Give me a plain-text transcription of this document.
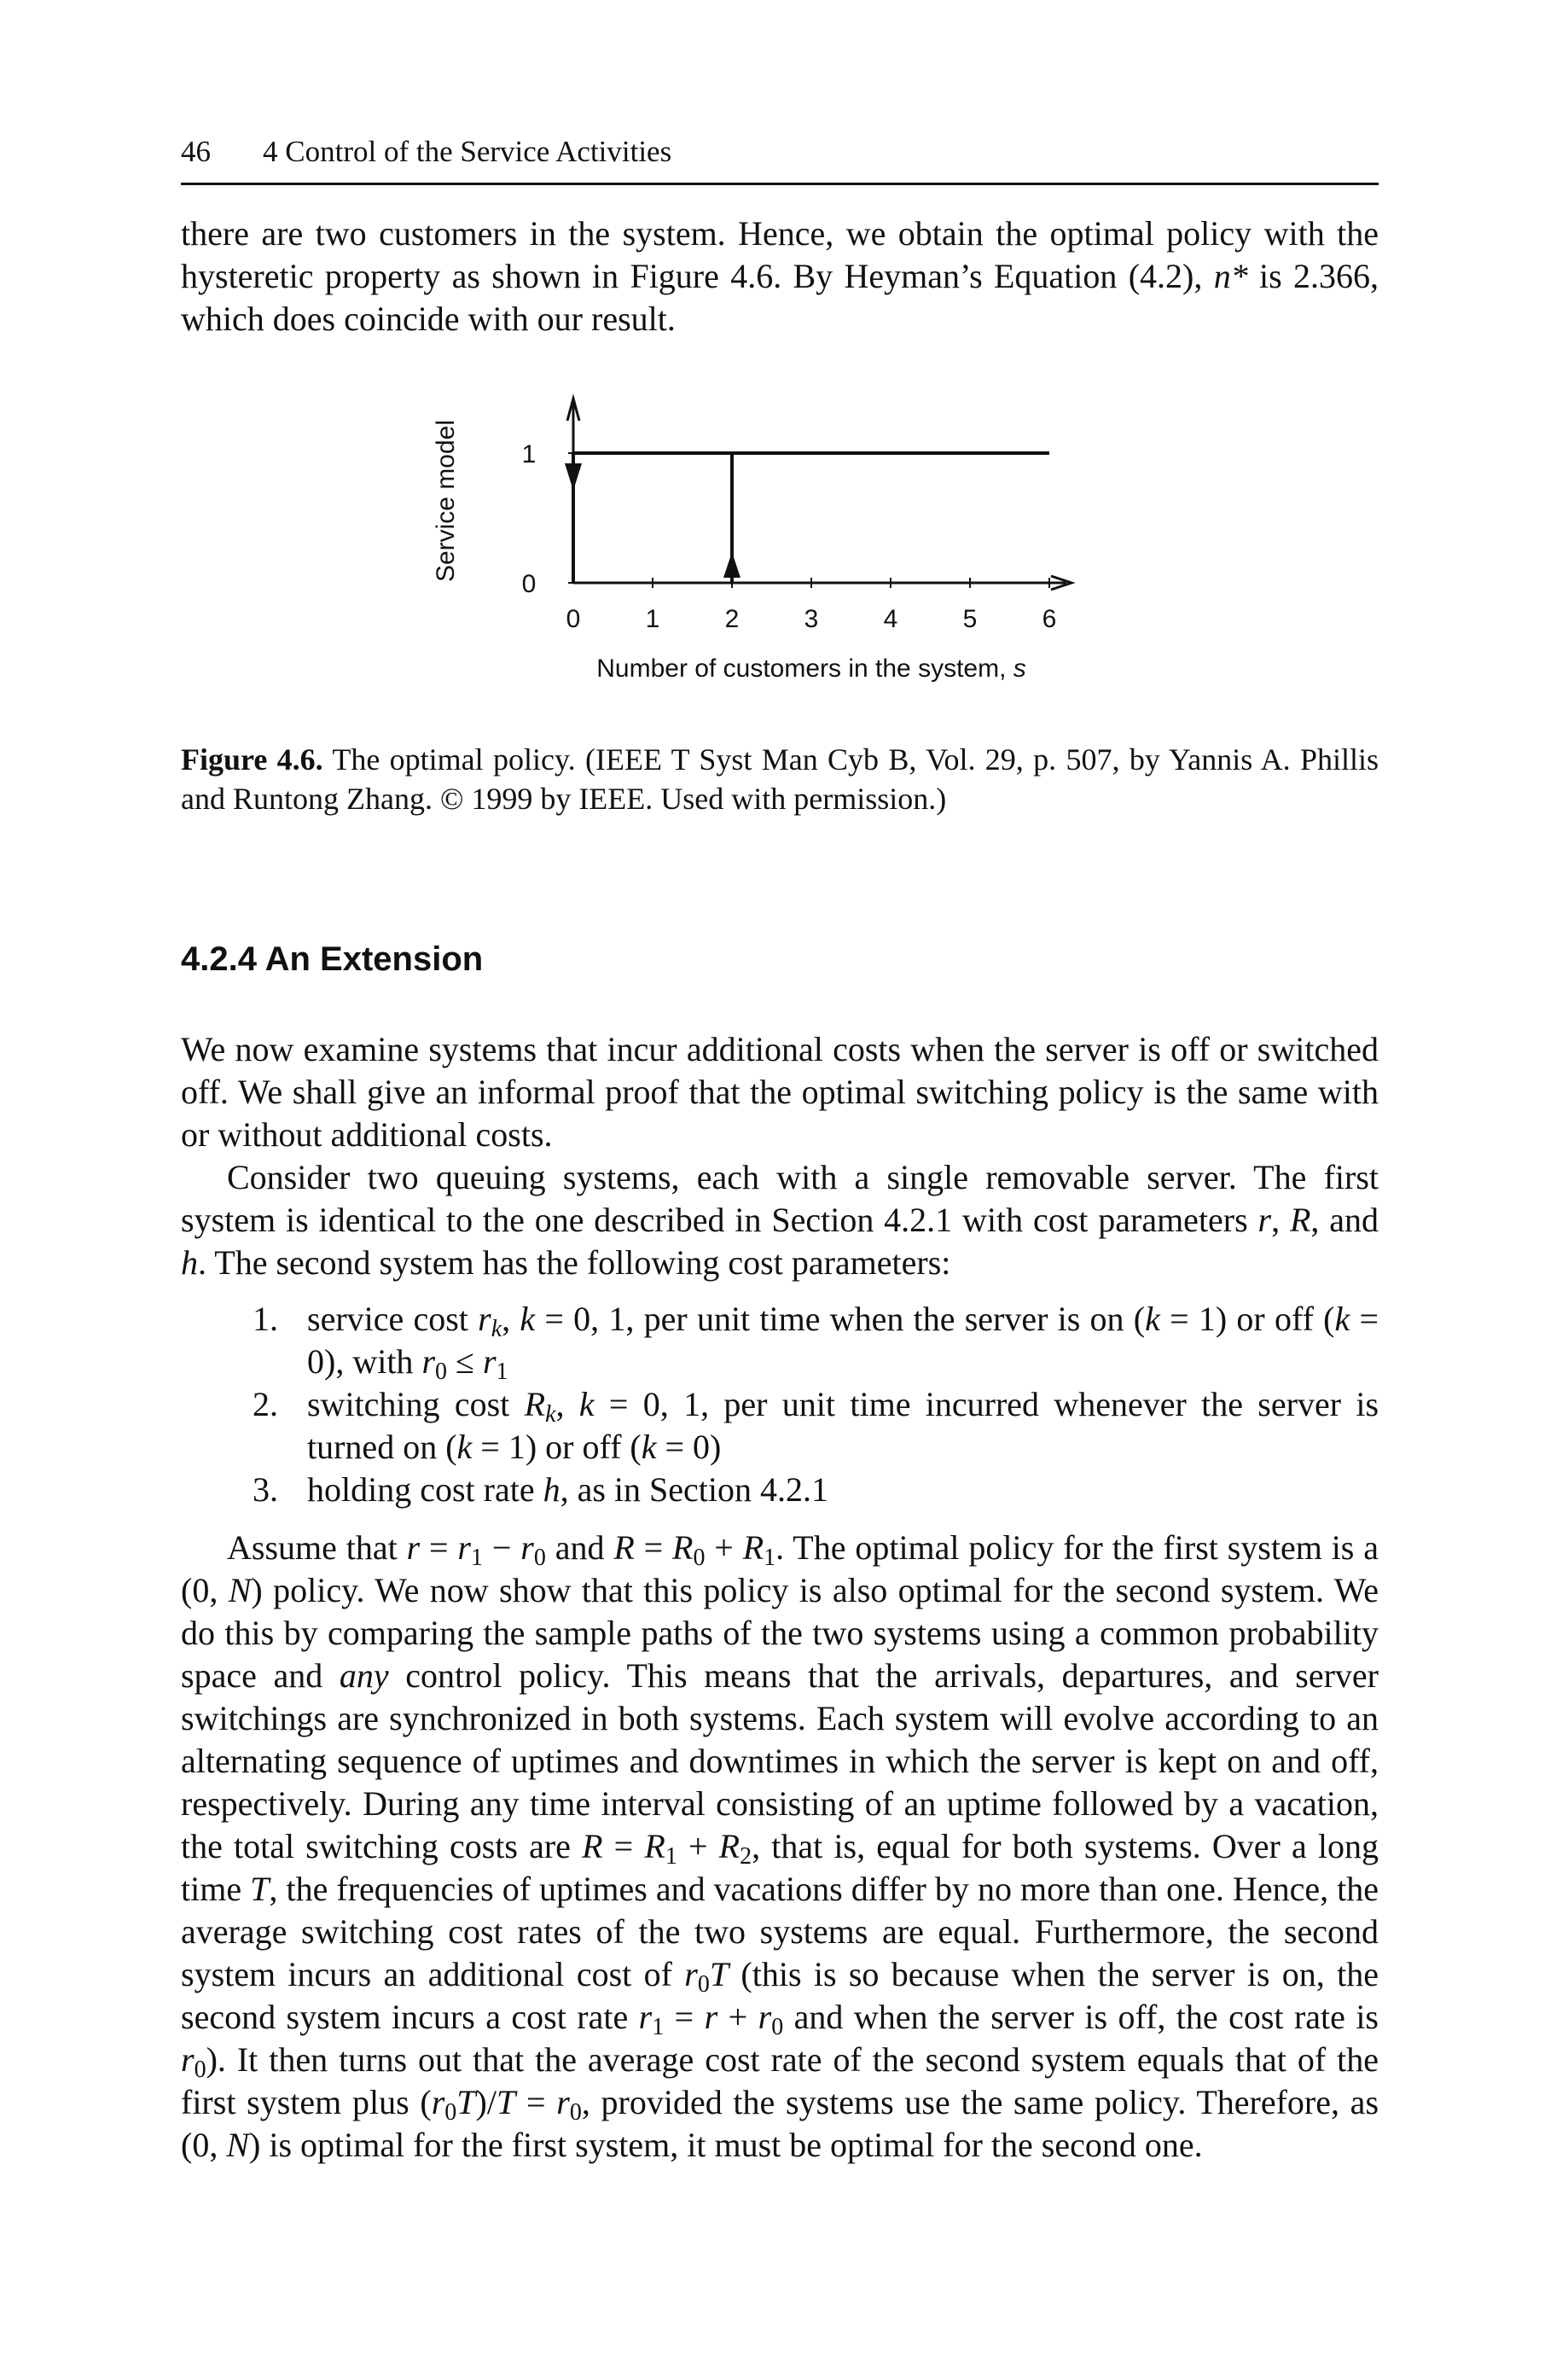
46 4 Control of the Service Activities

there are two customers in the system. Hence, we obtain the optimal policy with the hysteretic property as shown in Figure 4.6. By Heyman’s Equation (4.2), n* is 2.366, which does coincide with our result.

0	1	2	3	4	5	6
0
1
Number of customers in the system, s
Service model

Figure 4.6. The optimal policy. (IEEE T Syst Man Cyb B, Vol. 29, p. 507, by Yannis A. Phillis and Runtong Zhang. © 1999 by IEEE. Used with permission.)

4.2.4 An Extension

We now examine systems that incur additional costs when the server is off or switched off. We shall give an informal proof that the optimal switching policy is the same with or without additional costs.

Consider two queuing systems, each with a single removable server. The first system is identical to the one described in Section 4.2.1 with cost parameters r, R, and h. The second system has the following cost parameters:

1. service cost $r_k$, k = 0, 1, per unit time when the server is on (k = 1) or off (k = 0), with $r_0 \le r_1$
2. switching cost $R_k$, k = 0, 1, per unit time incurred whenever the server is turned on (k = 1) or off (k = 0)
3. holding cost rate h, as in Section 4.2.1

Assume that $r = r_1 - r_0$ and $R = R_0 + R_1$. The optimal policy for the first system is a (0, N) policy. We now show that this policy is also optimal for the second system. We do this by comparing the sample paths of the two systems using a common probability space and any control policy. This means that the arrivals, departures, and server switchings are synchronized in both systems. Each system will evolve according to an alternating sequence of uptimes and downtimes in which the server is kept on and off, respectively. During any time interval consisting of an uptime followed by a vacation, the total switching costs are $R = R_1 + R_2$, that is, equal for both systems. Over a long time T, the frequencies of uptimes and vacations differ by no more than one. Hence, the average switching cost rates of the two systems are equal. Furthermore, the second system incurs an additional cost of $r_0T$ (this is so because when the server is on, the second system incurs a cost rate $r_1 = r + r_0$ and when the server is off, the cost rate is $r_0$). It then turns out that the average cost rate of the second system equals that of the first system plus $(r_0T)/T = r_0$, provided the systems use the same policy. Therefore, as (0, N) is optimal for the first system, it must be optimal for the second one.
